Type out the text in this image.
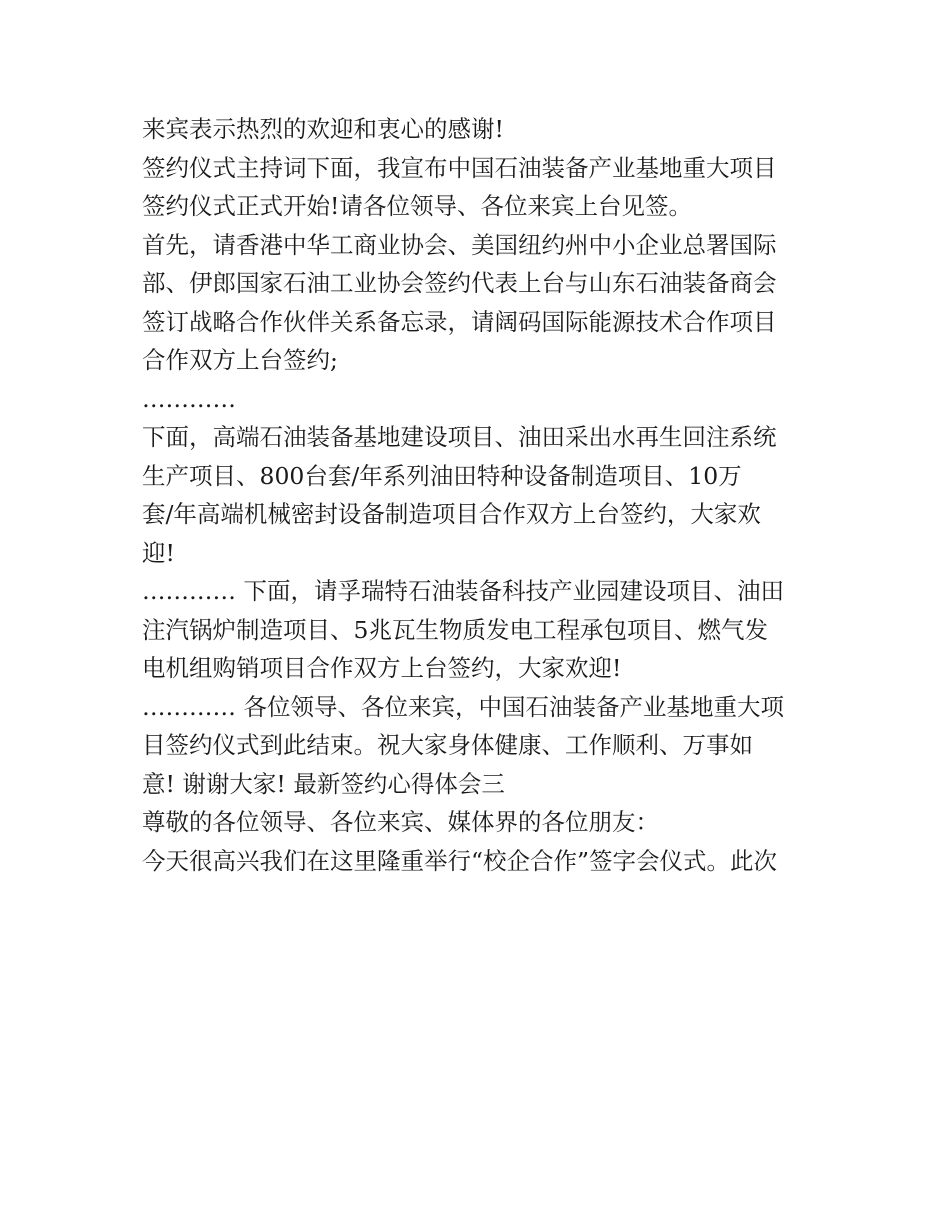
来宾表示热烈的欢迎和衷心的感谢!
签约仪式主持词下面，我宣布中国石油装备产业基地重大项目
签约仪式正式开始!请各位领导、各位来宾上台见签。
首先，请香港中华工商业协会、美国纽约州中小企业总署国际
部、伊郎国家石油工业协会签约代表上台与山东石油装备商会
签订战略合作伙伴关系备忘录，请阔码国际能源技术合作项目
合作双方上台签约;
…………
下面，高端石油装备基地建设项目、油田采出水再生回注系统
生产项目、800台套/年系列油田特种设备制造项目、10万
套/年高端机械密封设备制造项目合作双方上台签约，大家欢
迎!
………… 下面，请孚瑞特石油装备科技产业园建设项目、油田
注汽锅炉制造项目、5兆瓦生物质发电工程承包项目、燃气发
电机组购销项目合作双方上台签约，大家欢迎!
………… 各位领导、各位来宾，中国石油装备产业基地重大项
目签约仪式到此结束。祝大家身体健康、工作顺利、万事如
意! 谢谢大家! 最新签约心得体会三
尊敬的各位领导、各位来宾、媒体界的各位朋友：
今天很高兴我们在这里隆重举行“校企合作”签字会仪式。此次
